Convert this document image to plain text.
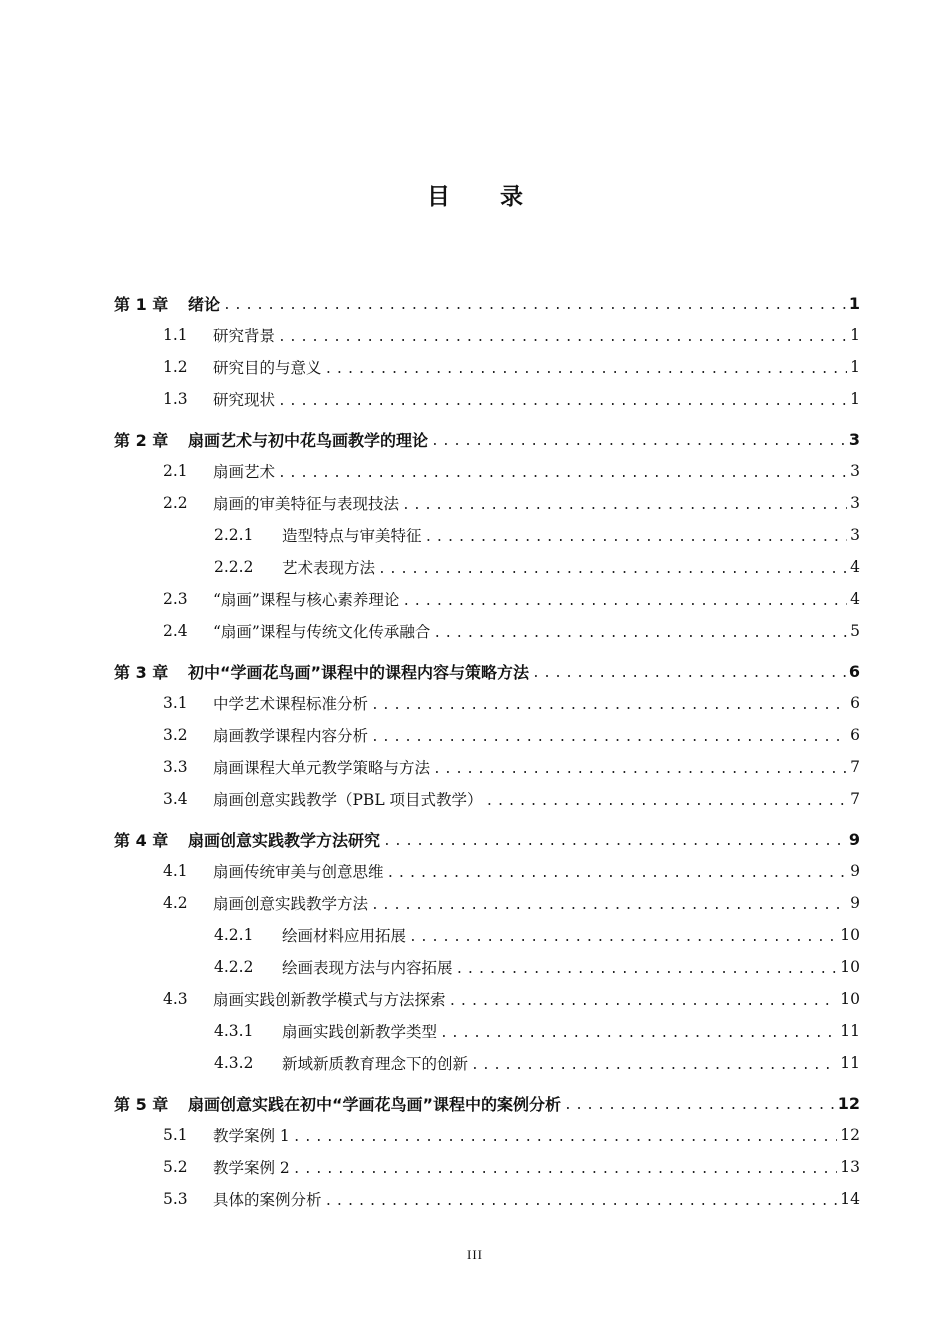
目录
第 1 章	绪论 .....	1
1.1	研究背景 .....	1
1.2	研究目的与意义 .....	1
1.3	研究现状 .....	1
第 2 章	扇画艺术与初中花鸟画教学的理论 .....	3
2.1	扇画艺术 .....	3
2.2	扇画的审美特征与表现技法 .....	3
2.2.1	造型特点与审美特征 .....	3
2.2.2	艺术表现方法 .....	4
2.3	“扇画”课程与核心素养理论 .....	4
2.4	“扇画”课程与传统文化传承融合 .....	5
第 3 章	初中“学画花鸟画”课程中的课程内容与策略方法 .....	6
3.1	中学艺术课程标准分析 .....	6
3.2	扇画教学课程内容分析 .....	6
3.3	扇画课程大单元教学策略与方法 .....	7
3.4	扇画创意实践教学（PBL 项目式教学） .....	7
第 4 章	扇画创意实践教学方法研究 .....	9
4.1	扇画传统审美与创意思维 .....	9
4.2	扇画创意实践教学方法 .....	9
4.2.1	绘画材料应用拓展 .....	10
4.2.2	绘画表现方法与内容拓展 .....	10
4.3	扇画实践创新教学模式与方法探索 .....	10
4.3.1	扇画实践创新教学类型 .....	11
4.3.2	新域新质教育理念下的创新 .....	11
第 5 章	扇画创意实践在初中“学画花鸟画”课程中的案例分析 .....	12
5.1	教学案例 1 .....	12
5.2	教学案例 2 .....	13
5.3	具体的案例分析 .....	14
III
